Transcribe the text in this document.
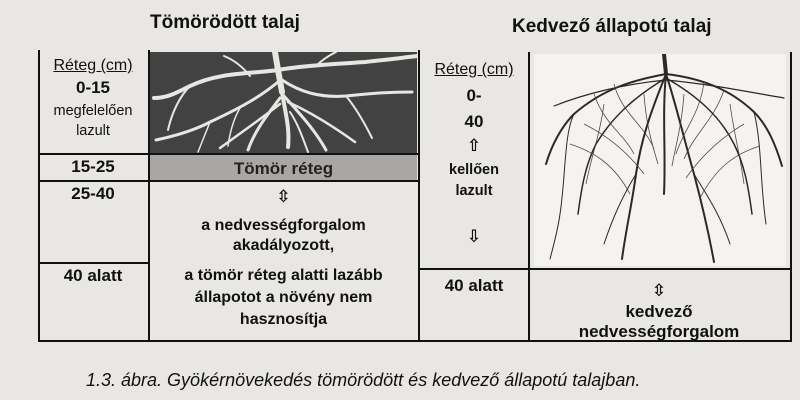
Tömörödött talaj	Kedvező állapotú talaj
Réteg (cm)
0-15
megfelelően
lazult
15-25
25-40
40 alatt
Tömör réteg
⇳
a nedvességforgalom
akadályozott,
a tömör réteg alatti lazább
állapotot a növény nem
hasznosítja
Réteg (cm)
0-
40
⇧
kellően
lazult
⇩
40 alatt	⇳
kedvező
nedvességforgalom
1.3. ábra. Gyökérnövekedés tömörödött és kedvező állapotú talajban.
